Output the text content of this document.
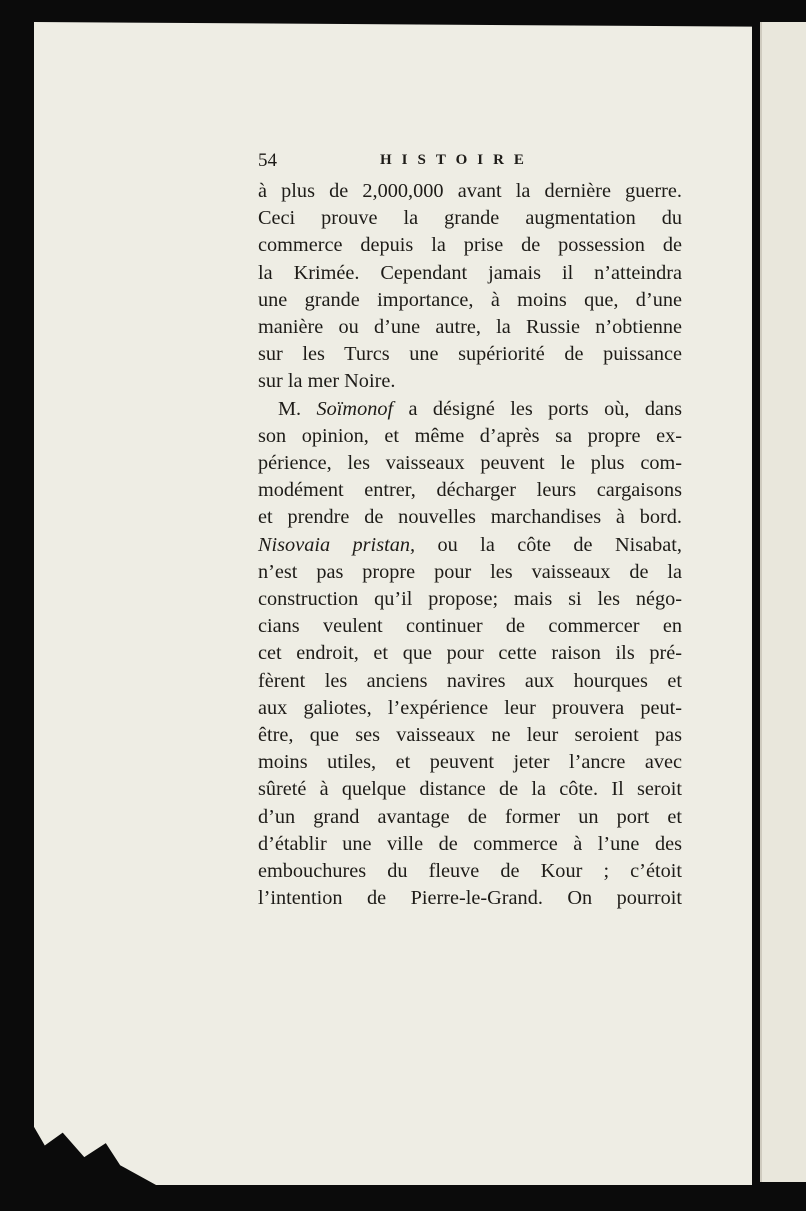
54	HISTOIRE

à plus de 2,000,000 avant la dernière guerre.
Ceci prouve la grande augmentation du
commerce depuis la prise de possession de
la Krimée. Cependant jamais il n’atteindra
une grande importance, à moins que, d’une
manière ou d’une autre, la Russie n’obtienne
sur les Turcs une supériorité de puissance
sur la mer Noire.

M. Soïmonof a désigné les ports où, dans
son opinion, et même d’après sa propre ex-
périence, les vaisseaux peuvent le plus com-
modément entrer, décharger leurs cargaisons
et prendre de nouvelles marchandises à bord.
Nisovaia pristan, ou la côte de Nisabat,
n’est pas propre pour les vaisseaux de la
construction qu’il propose; mais si les négo-
cians veulent continuer de commercer en
cet endroit, et que pour cette raison ils pré-
fèrent les anciens navires aux hourques et
aux galiotes, l’expérience leur prouvera peut-
être, que ses vaisseaux ne leur seroient pas
moins utiles, et peuvent jeter l’ancre avec
sûreté à quelque distance de la côte. Il seroit
d’un grand avantage de former un port et
d’établir une ville de commerce à l’une des
embouchures du fleuve de Kour ; c’étoit
l’intention de Pierre-le-Grand. On pourroit
